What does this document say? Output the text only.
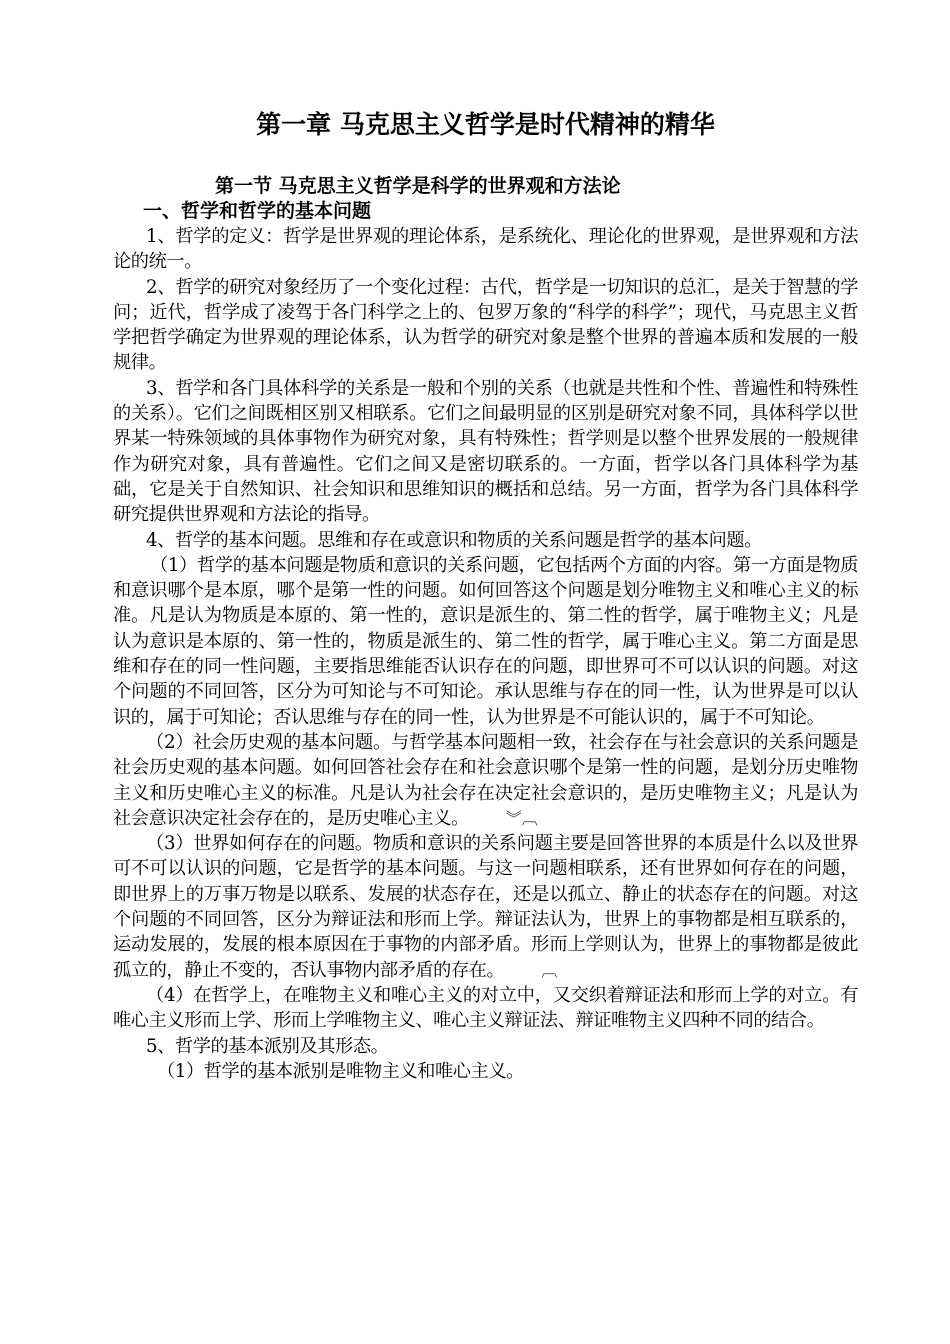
第一章 马克思主义哲学是时代精神的精华
第一节 马克思主义哲学是科学的世界观和方法论
一、哲学和哲学的基本问题

1、哲学的定义：哲学是世界观的理论体系，是系统化、理论化的世界观，是世界观和方法论的统一。

2、哲学的研究对象经历了一个变化过程：古代，哲学是一切知识的总汇，是关于智慧的学问；近代，哲学成了凌驾于各门科学之上的、包罗万象的“科学的科学”；现代，马克思主义哲学把哲学确定为世界观的理论体系，认为哲学的研究对象是整个世界的普遍本质和发展的一般规律。

3、哲学和各门具体科学的关系是一般和个别的关系（也就是共性和个性、普遍性和特殊性的关系）。它们之间既相区别又相联系。它们之间最明显的区别是研究对象不同，具体科学以世界某一特殊领域的具体事物作为研究对象，具有特殊性；哲学则是以整个世界发展的一般规律作为研究对象，具有普遍性。它们之间又是密切联系的。一方面，哲学以各门具体科学为基础，它是关于自然知识、社会知识和思维知识的概括和总结。另一方面，哲学为各门具体科学研究提供世界观和方法论的指导。

4、哲学的基本问题。思维和存在或意识和物质的关系问题是哲学的基本问题。

（1）哲学的基本问题是物质和意识的关系问题，它包括两个方面的内容。第一方面是物质和意识哪个是本原，哪个是第一性的问题。如何回答这个问题是划分唯物主义和唯心主义的标准。凡是认为物质是本原的、第一性的，意识是派生的、第二性的哲学，属于唯物主义；凡是认为意识是本原的、第一性的，物质是派生的、第二性的哲学，属于唯心主义。第二方面是思维和存在的同一性问题，主要指思维能否认识存在的问题，即世界可不可以认识的问题。对这个问题的不同回答，区分为可知论与不可知论。承认思维与存在的同一性，认为世界是可以认识的，属于可知论；否认思维与存在的同一性，认为世界是不可能认识的，属于不可知论。

（2）社会历史观的基本问题。与哲学基本问题相一致，社会存在与社会意识的关系问题是社会历史观的基本问题。如何回答社会存在和社会意识哪个是第一性的问题，是划分历史唯物主义和历史唯心主义的标准。凡是认为社会存在决定社会意识的，是历史唯物主义；凡是认为社会意识决定社会存在的，是历史唯心主义。 ︾︹

（3）世界如何存在的问题。物质和意识的关系问题主要是回答世界的本质是什么以及世界可不可以认识的问题，它是哲学的基本问题。与这一问题相联系，还有世界如何存在的问题，即世界上的万事万物是以联系、发展的状态存在，还是以孤立、静止的状态存在的问题。对这个问题的不同回答，区分为辩证法和形而上学。辩证法认为，世界上的事物都是相互联系的，运动发展的，发展的根本原因在于事物的内部矛盾。形而上学则认为，世界上的事物都是彼此孤立的，静止不变的，否认事物内部矛盾的存在。 ︹

（4）在哲学上，在唯物主义和唯心主义的对立中，又交织着辩证法和形而上学的对立。有唯心主义形而上学、形而上学唯物主义、唯心主义辩证法、辩证唯物主义四种不同的结合。

5、哲学的基本派别及其形态。

（1）哲学的基本派别是唯物主义和唯心主义。
